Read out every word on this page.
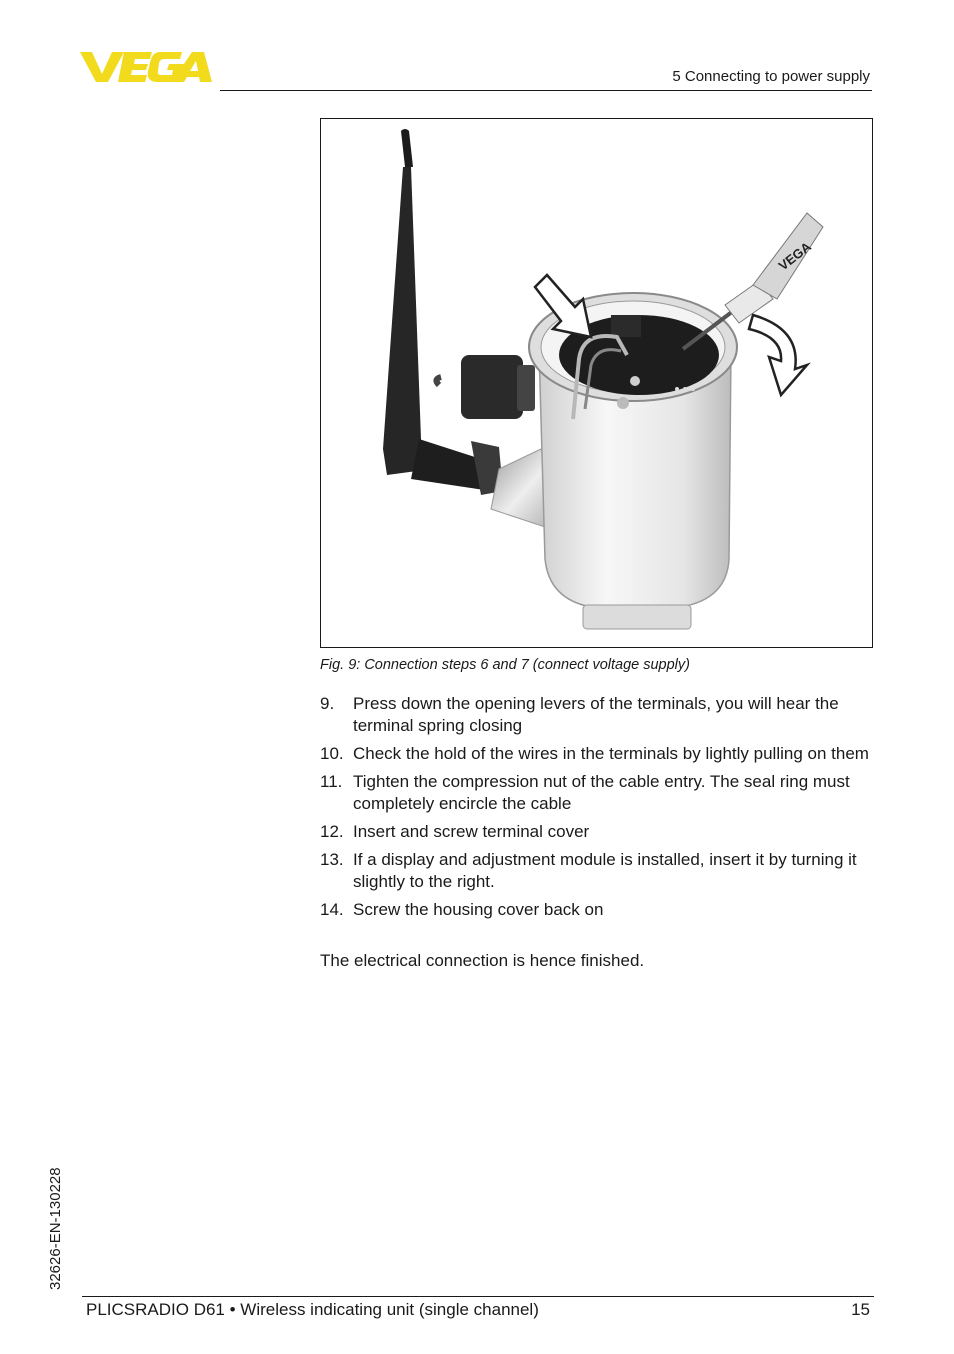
VEGA
5 Connecting to power supply
VEGA
Fig. 9: Connection steps 6 and 7 (connect voltage supply)
9. Press down the opening levers of the terminals, you will hear the terminal spring closing
10. Check the hold of the wires in the terminals by lightly pulling on them
11. Tighten the compression nut of the cable entry. The seal ring must completely encircle the cable
12. Insert and screw terminal cover
13. If a display and adjustment module is installed, insert it by turning it slightly to the right.
14. Screw the housing cover back on
The electrical connection is hence finished.
32626-EN-130228
PLICSRADIO D61 • Wireless indicating unit (single channel)	15
